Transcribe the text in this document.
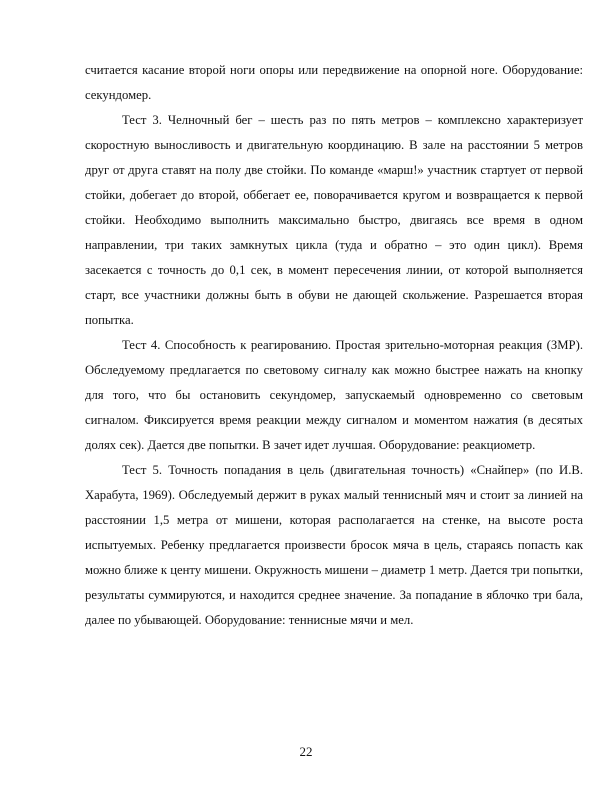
считается касание второй ноги опоры или передвижение на опорной ноге. Оборудование: секундомер.

Тест 3. Челночный бег – шесть раз по пять метров – комплексно характеризует скоростную выносливость и двигательную координацию. В зале на расстоянии 5 метров друг от друга ставят на полу две стойки. По команде «марш!» участник стартует от первой стойки, добегает до второй, оббегает ее, поворачивается кругом и возвращается к первой стойки. Необходимо выполнить максимально быстро, двигаясь все время в одном направлении, три таких замкнутых цикла (туда и обратно – это один цикл). Время засекается с точность до 0,1 сек, в момент пересечения линии, от которой выполняется старт, все участники должны быть в обуви не дающей скольжение. Разрешается вторая попытка.

Тест 4. Способность к реагированию. Простая зрительно-моторная реакция (ЗМР). Обследуемому предлагается по световому сигналу как можно быстрее нажать на кнопку для того, что бы остановить секундомер, запускаемый одновременно со световым сигналом. Фиксируется время реакции между сигналом и моментом нажатия (в десятых долях сек). Дается две попытки. В зачет идет лучшая. Оборудование: реакциометр.

Тест 5. Точность попадания в цель (двигательная точность) «Снайпер» (по И.В. Харабута, 1969). Обследуемый держит в руках малый теннисный мяч и стоит за линией на расстоянии 1,5 метра от мишени, которая располагается на стенке, на высоте роста испытуемых. Ребенку предлагается произвести бросок мяча в цель, стараясь попасть как можно ближе к центу мишени. Окружность мишени – диаметр 1 метр. Дается три попытки, результаты суммируются, и находится среднее значение. За попадание в яблочко три бала, далее по убывающей. Оборудование: теннисные мячи и мел.

22
